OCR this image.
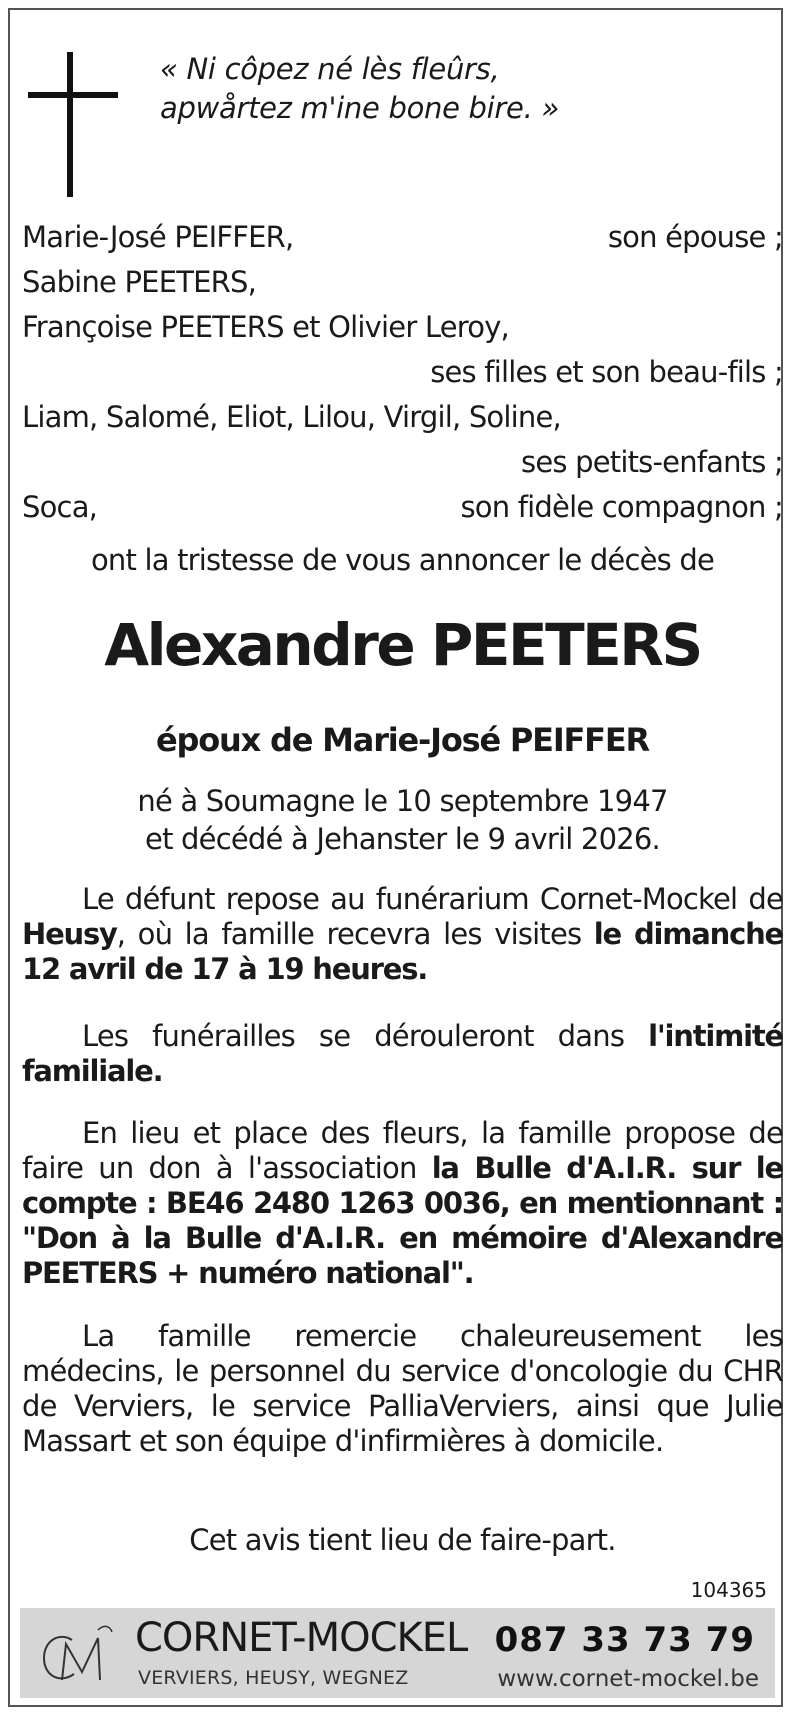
« Ni côpez né lès fleûrs,
apwårtez m'ine bone bire. »
Marie-José PEIFFER,	son épouse ;
Sabine PEETERS,
Françoise PEETERS et Olivier Leroy,
ses filles et son beau-fils ;
Liam, Salomé, Eliot, Lilou, Virgil, Soline,
ses petits-enfants ;
Soca,	son fidèle compagnon ;
ont la tristesse de vous annoncer le décès de
Alexandre PEETERS
époux de Marie-José PEIFFER
né à Soumagne le 10 septembre 1947
et décédé à Jehanster le 9 avril 2026.
Le défunt repose au funérarium Cornet-Mockel de Heusy, où la famille recevra les visites le dimanche 12 avril de 17 à 19 heures.
Les funérailles se dérouleront dans l'intimité familiale.
En lieu et place des fleurs, la famille propose de faire un don à l'association la Bulle d'A.I.R. sur le compte : BE46 2480 1263 0036, en mentionnant : "Don à la Bulle d'A.I.R. en mémoire d'Alexandre PEETERS + numéro national".
La famille remercie chaleureusement les médecins, le personnel du service d'oncologie du CHR de Verviers, le service PalliaVerviers, ainsi que Julie Massart et son équipe d'infirmières à domicile.
Cet avis tient lieu de faire-part.
104365
CORNET-MOCKEL
VERVIERS, HEUSY, WEGNEZ
087 33 73 79
www.cornet-mockel.be
